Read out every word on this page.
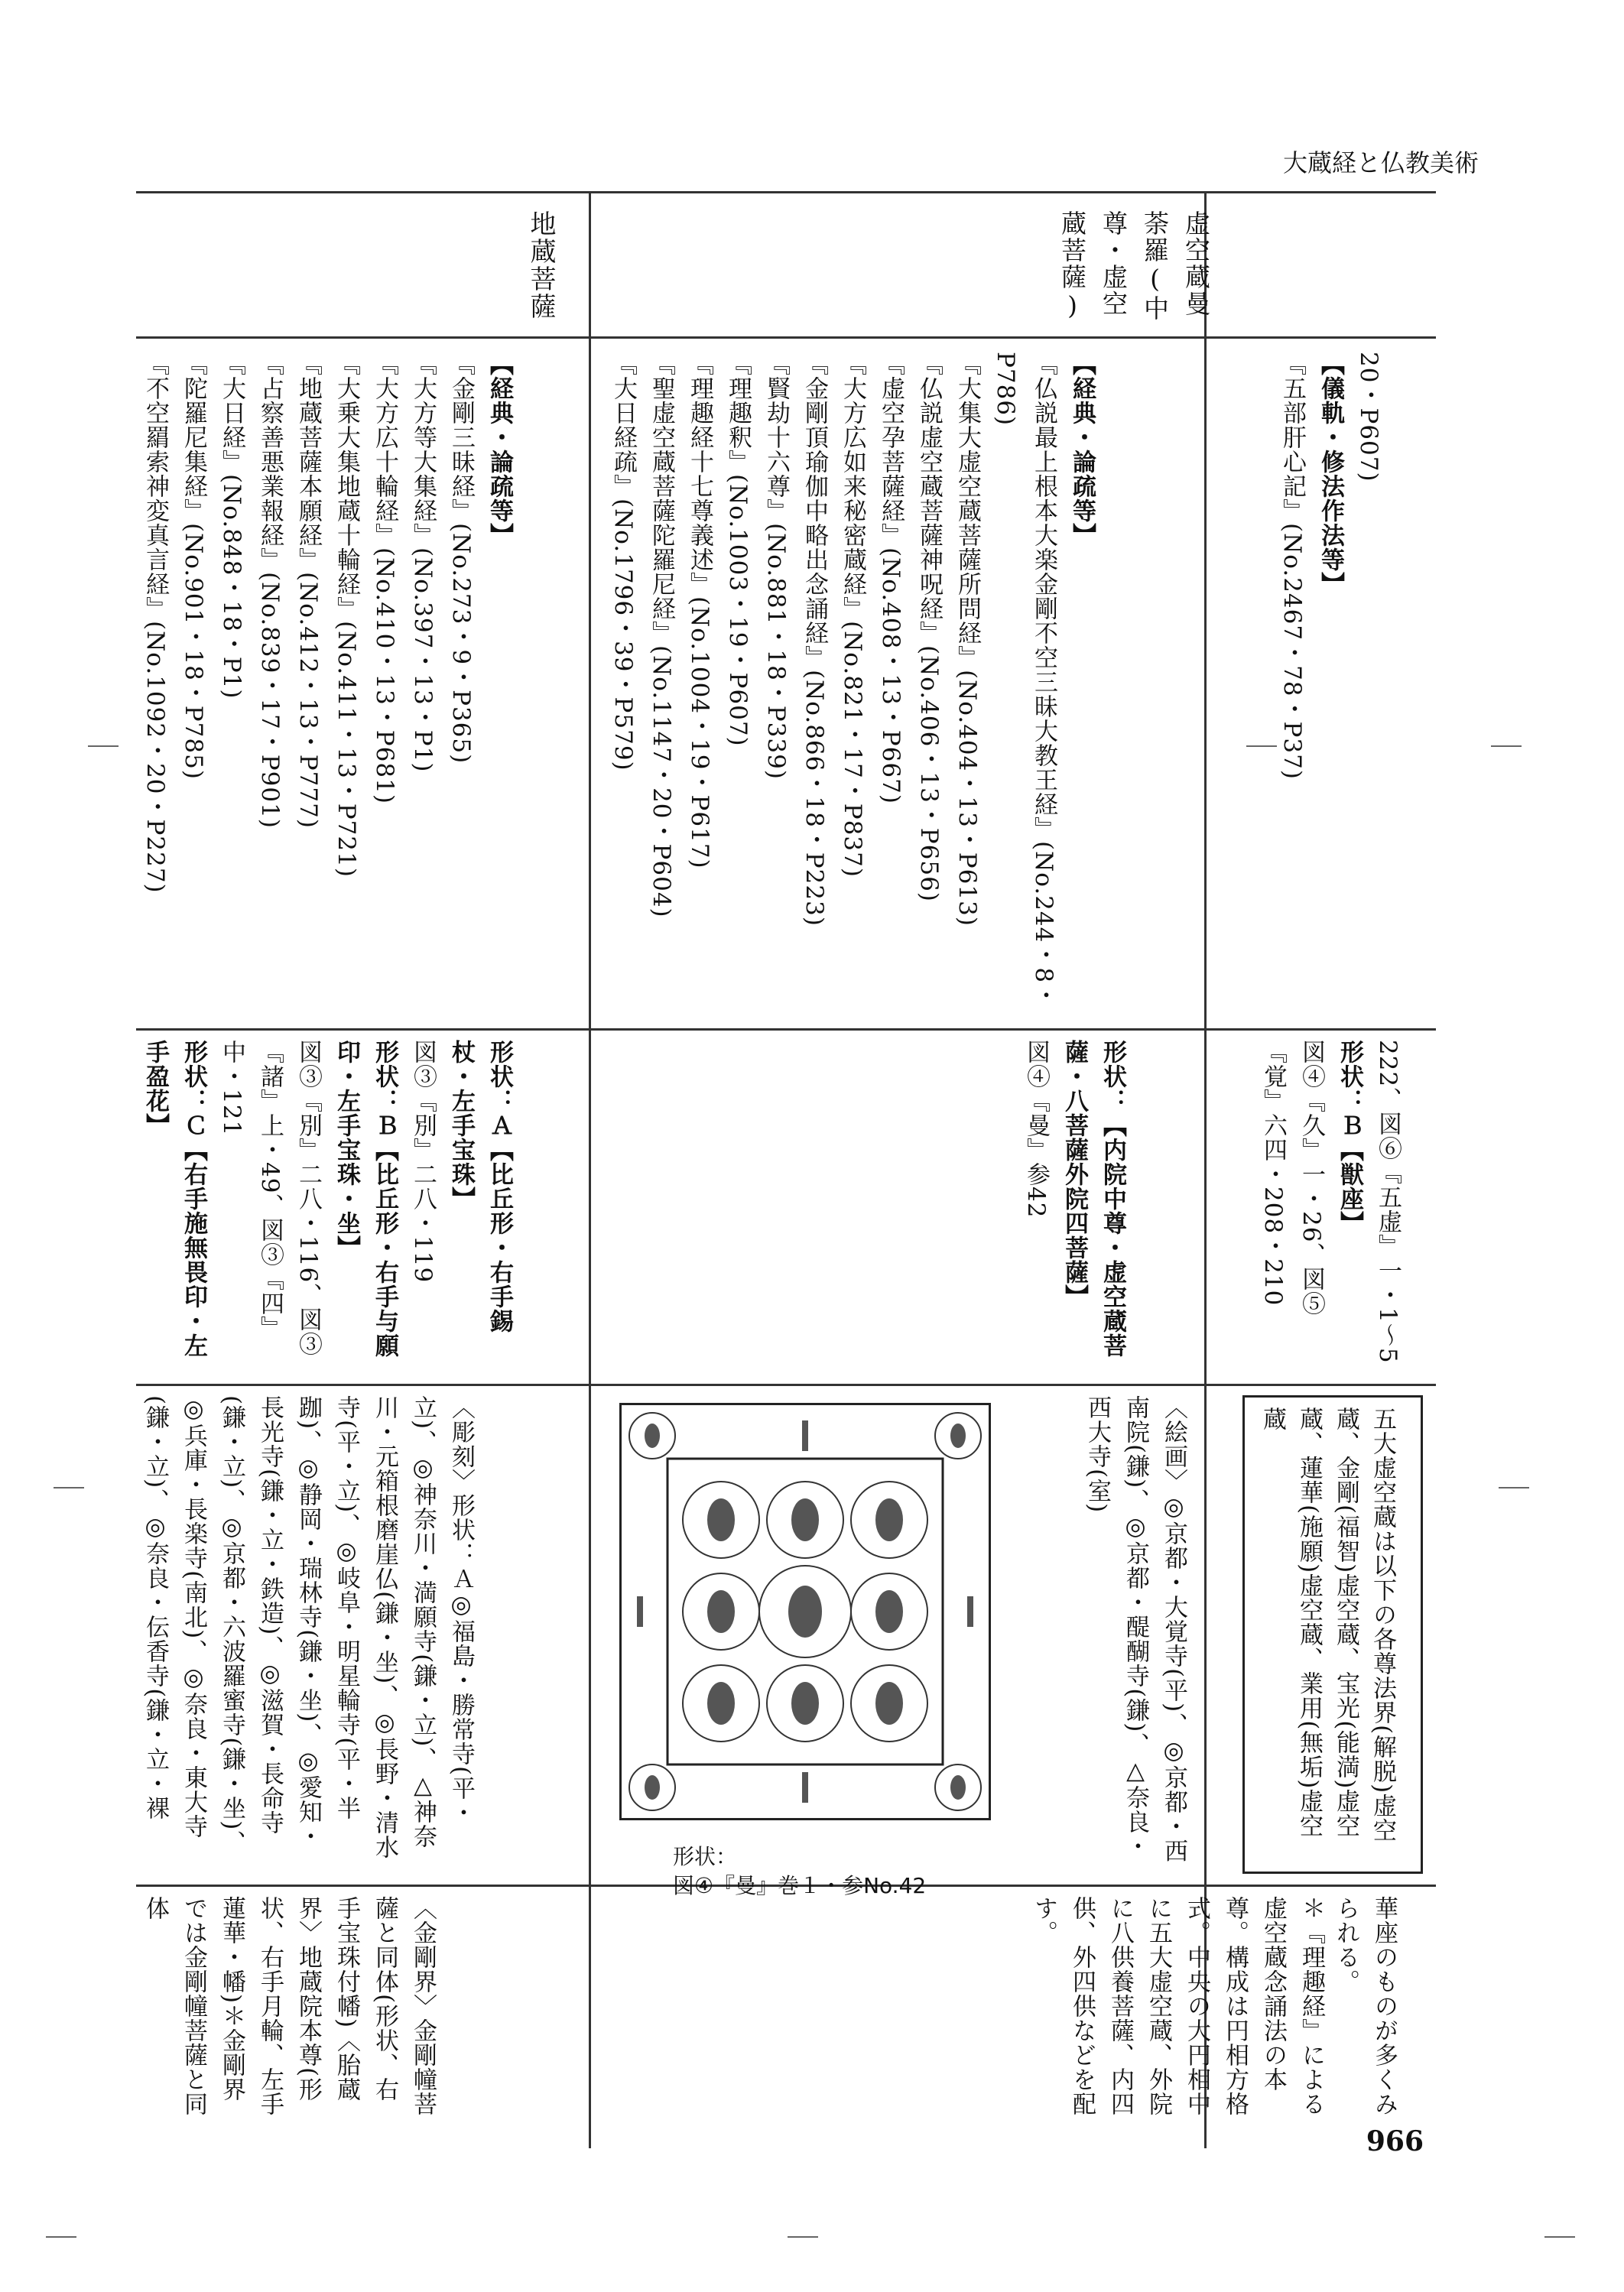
大蔵経と仏教美術
虚空蔵曼荼羅(中尊・虚空蔵菩薩)
地蔵菩薩

20・P607)

【儀軌・修法作法等】

『五部肝心記』(No.2467・78・P37)

222、図⑥『五虚』一・1～5

形状：Ｂ【獣座】

図④『久』一・26、図⑤

『覚』六四・208・210

五大虚空蔵は以下の各尊法界(解脱)虚空蔵、金剛(福智)虚空蔵、宝光(能満)虚空蔵、蓮華(施願)虚空蔵、業用(無垢)虚空蔵
華座のものが多くみられる。

【経典・論疏等】

『仏説最上根本大楽金剛不空三昧大教王経』(No.244・8・P786)

『大集大虚空蔵菩薩所問経』(No.404・13・P613)

『仏説虚空蔵菩薩神呪経』(No.406・13・P656)

『虚空孕菩薩経』(No.408・13・P667)

『大方広如来秘密蔵経』(No.821・17・P837)

『金剛頂瑜伽中略出念誦経』(No.866・18・P223)

『賢劫十六尊』(No.881・18・P339)

『理趣釈』(No.1003・19・P607)

『理趣経十七尊義述』(No.1004・19・P617)

『聖虚空蔵菩薩陀羅尼経』(No.1147・20・P604)

『大日経疏』(No.1796・39・P579)

形状：【内院中尊・虚空蔵菩薩・八菩薩外院四菩薩】

図④『曼』参42

〈絵画〉◎京都・大覚寺(平)、◎京都・西南院(鎌)、◎京都・醍醐寺(鎌)、△奈良・西大寺(室)
形状：
図④『曼』巻１・参No.42
＊『理趣経』による虚空蔵念誦法の本尊。構成は円相方格式。中央の大円相中に五大虚空蔵、外院に八供養菩薩、内四供、外四供などを配す。

【経典・論疏等】

『金剛三昧経』(No.273・9・P365)

『大方等大集経』(No.397・13・P1)

『大方広十輪経』(No.410・13・P681)

『大乗大集地蔵十輪経』(No.411・13・P721)

『地蔵菩薩本願経』(No.412・13・P777)

『占察善悪業報経』(No.839・17・P901)

『大日経』(No.848・18・P1)

『陀羅尼集経』(No.901・18・P785)

『不空羂索神変真言経』(No.1092・20・P227)

形状：Ａ【比丘形・右手錫杖・左手宝珠】

図③『別』二八・119

形状：Ｂ【比丘形・右手与願印・左手宝珠・坐】

図③『別』二八・116、図③『諸』上・49、図③『四』中・121

形状：Ｃ【右手施無畏印・左手盈花】

〈彫刻〉形状：Ａ◎福島・勝常寺(平・立)、◎神奈川・満願寺(鎌・立)、△神奈川・元箱根磨崖仏(鎌・坐)、◎長野・清水寺(平・立)、◎岐阜・明星輪寺(平・半跏)、◎静岡・瑞林寺(鎌・坐)、◎愛知・長光寺(鎌・立・鉄造)、◎滋賀・長命寺(鎌・立)、◎京都・六波羅蜜寺(鎌・坐)、◎兵庫・長楽寺(南北)、◎奈良・東大寺(鎌・立)、◎奈良・伝香寺(鎌・立・裸
〈金剛界〉金剛幢菩薩と同体(形状、右手宝珠付幡)〈胎蔵界〉地蔵院本尊(形状、右手月輪、左手蓮華・幡)＊金剛界では金剛幢菩薩と同体
966
